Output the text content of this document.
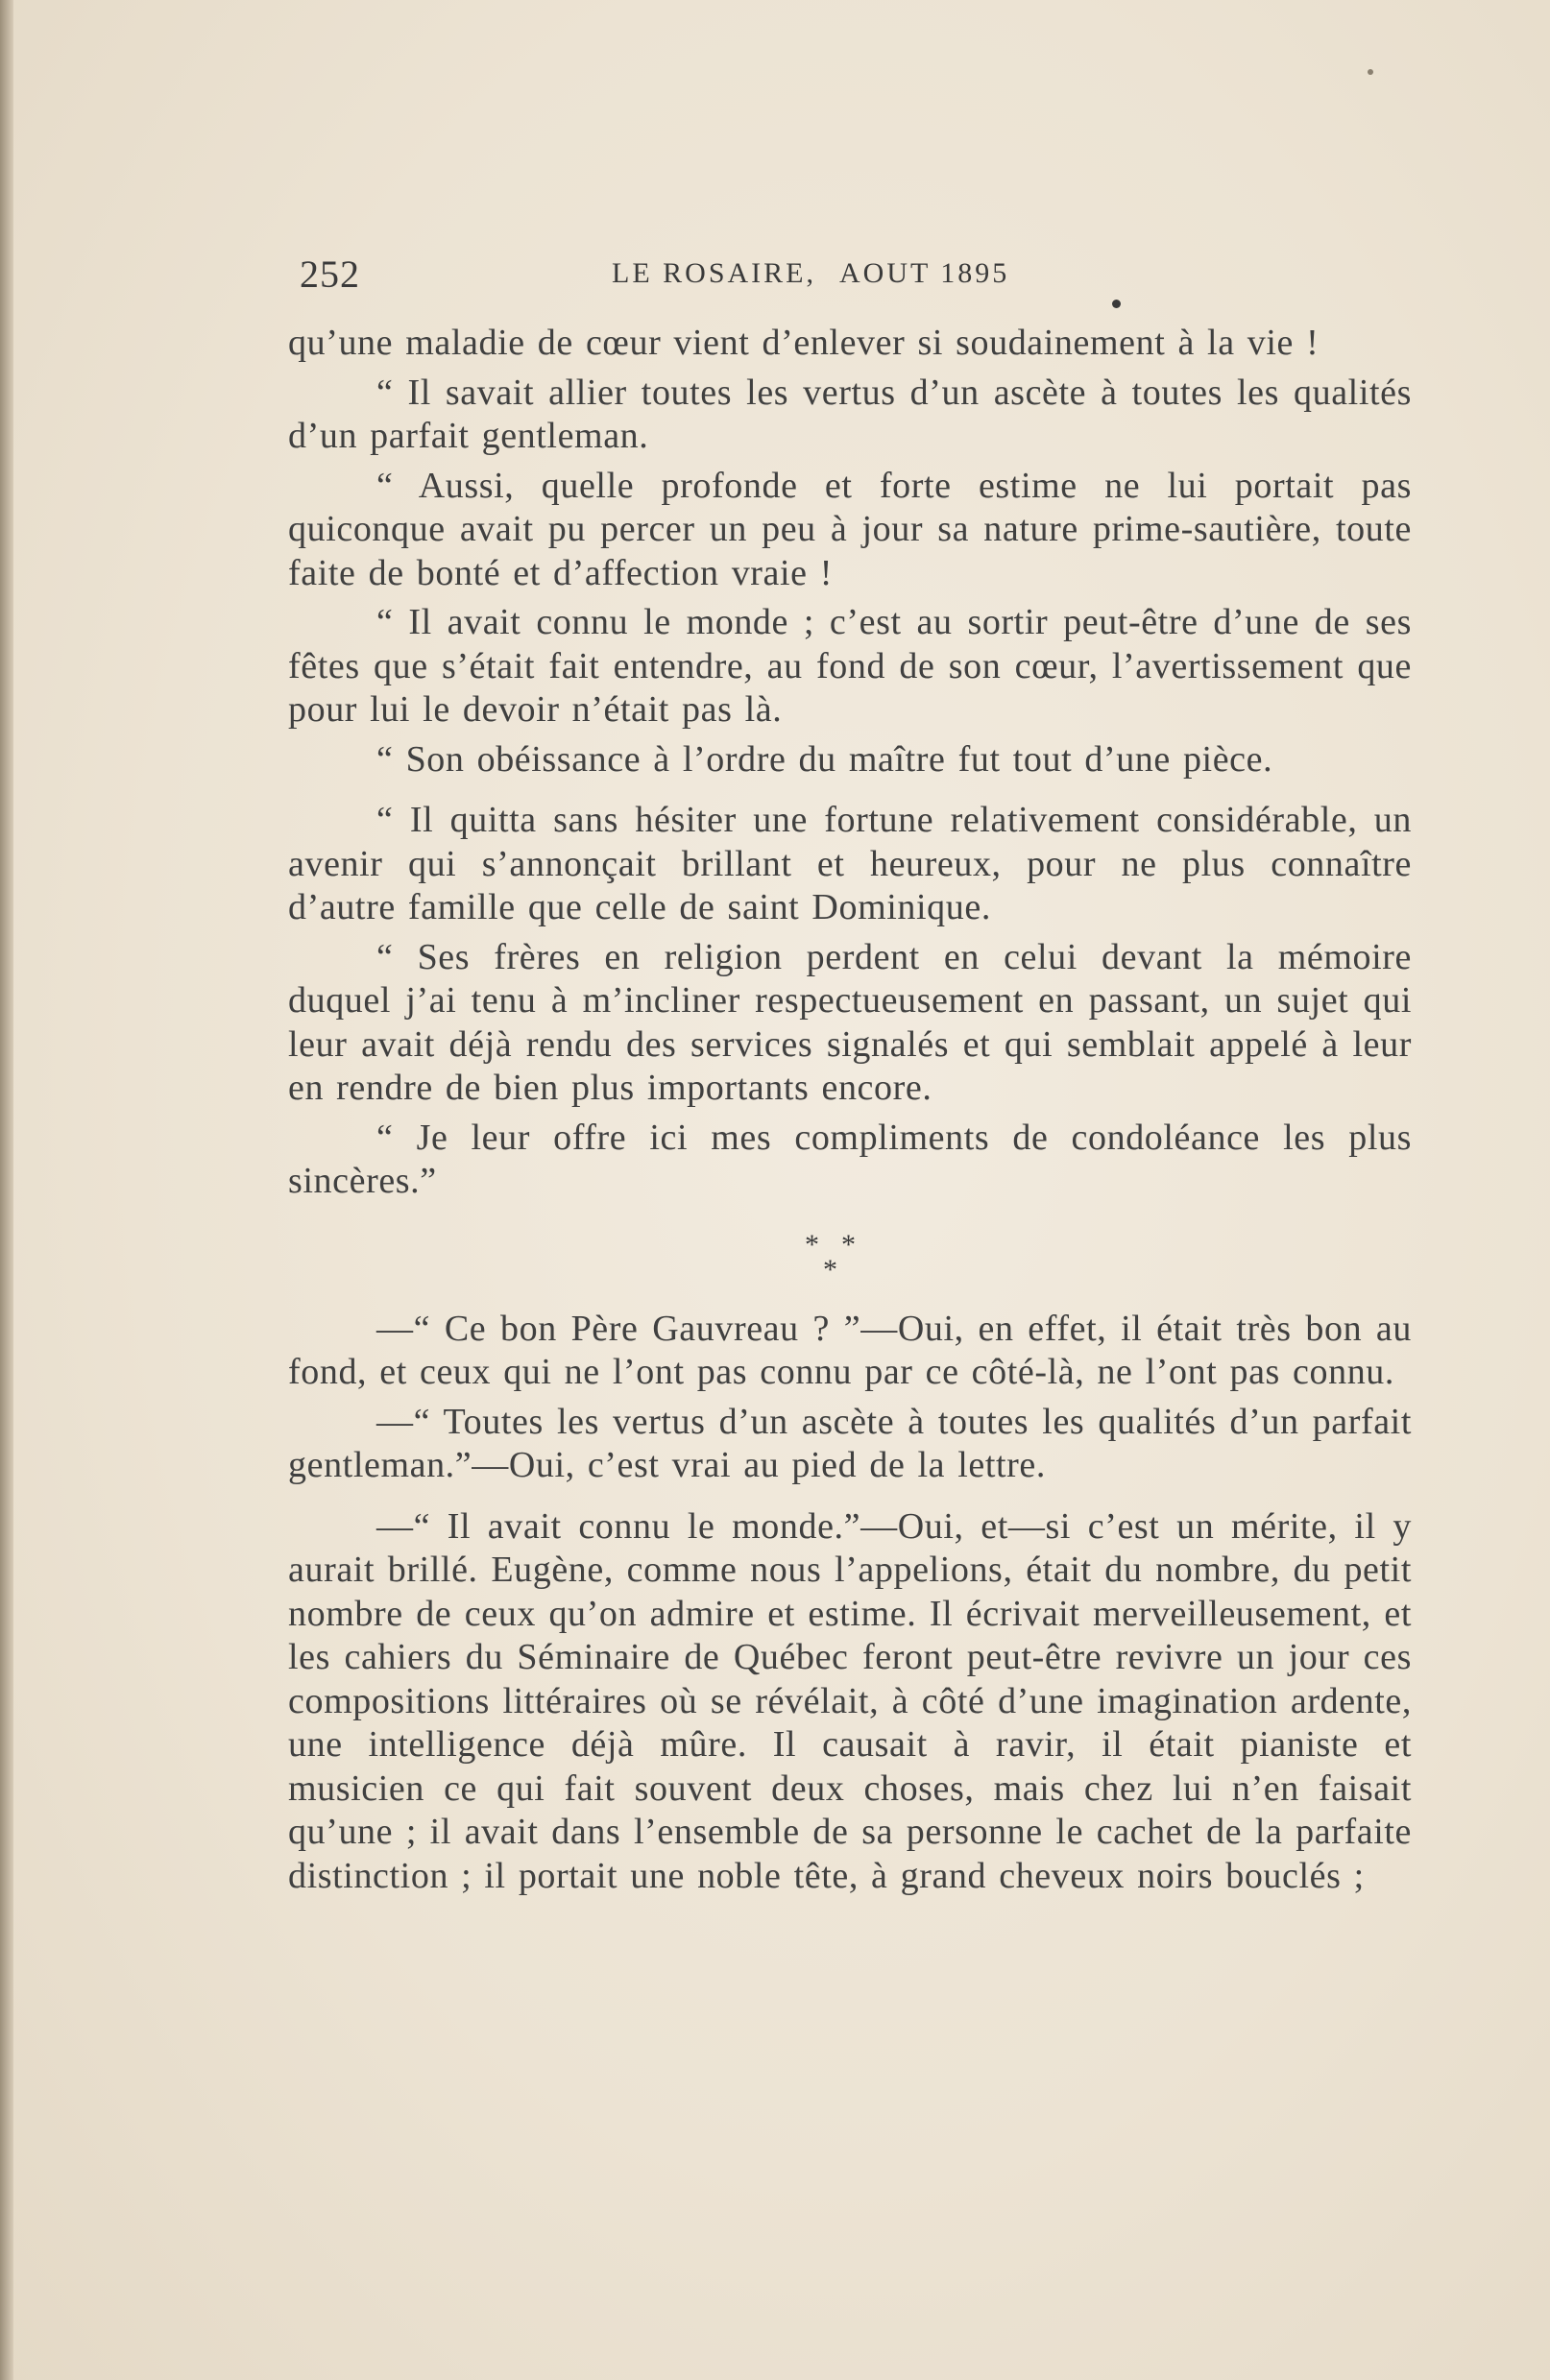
252	LE ROSAIRE, AOUT 1895

qu’une maladie de cœur vient d’enlever si soudainement à la vie !

“ Il savait allier toutes les vertus d’un ascète à toutes les qualités d’un parfait gentleman.

“ Aussi, quelle profonde et forte estime ne lui portait pas quiconque avait pu percer un peu à jour sa nature prime-sautière, toute faite de bonté et d’affection vraie !

“ Il avait connu le monde ; c’est au sortir peut-être d’une de ses fêtes que s’était fait entendre, au fond de son cœur, l’avertissement que pour lui le devoir n’était pas là.

“ Son obéissance à l’ordre du maître fut tout d’une pièce.

“ Il quitta sans hésiter une fortune relativement considérable, un avenir qui s’annonçait brillant et heureux, pour ne plus connaître d’autre famille que celle de saint Dominique.

“ Ses frères en religion perdent en celui devant la mémoire duquel j’ai tenu à m’incliner respectueusement en passant, un sujet qui leur avait déjà rendu des services signalés et qui semblait appelé à leur en rendre de bien plus importants encore.

“ Je leur offre ici mes compliments de condoléance les plus sincères.”

* *
*

—“ Ce bon Père Gauvreau ? ”—Oui, en effet, il était très bon au fond, et ceux qui ne l’ont pas connu par ce côté-là, ne l’ont pas connu.

—“ Toutes les vertus d’un ascète à toutes les qualités d’un parfait gentleman.”—Oui, c’est vrai au pied de la lettre.

—“ Il avait connu le monde.”—Oui, et—si c’est un mérite, il y aurait brillé. Eugène, comme nous l’appelions, était du nombre, du petit nombre de ceux qu’on admire et estime. Il écrivait merveilleusement, et les cahiers du Séminaire de Québec feront peut-être revivre un jour ces compositions littéraires où se révélait, à côté d’une imagination ardente, une intelligence déjà mûre. Il causait à ravir, il était pianiste et musicien ce qui fait souvent deux choses, mais chez lui n’en faisait qu’une ; il avait dans l’ensemble de sa personne le cachet de la parfaite distinction ; il portait une noble tête, à grand cheveux noirs bouclés ;
